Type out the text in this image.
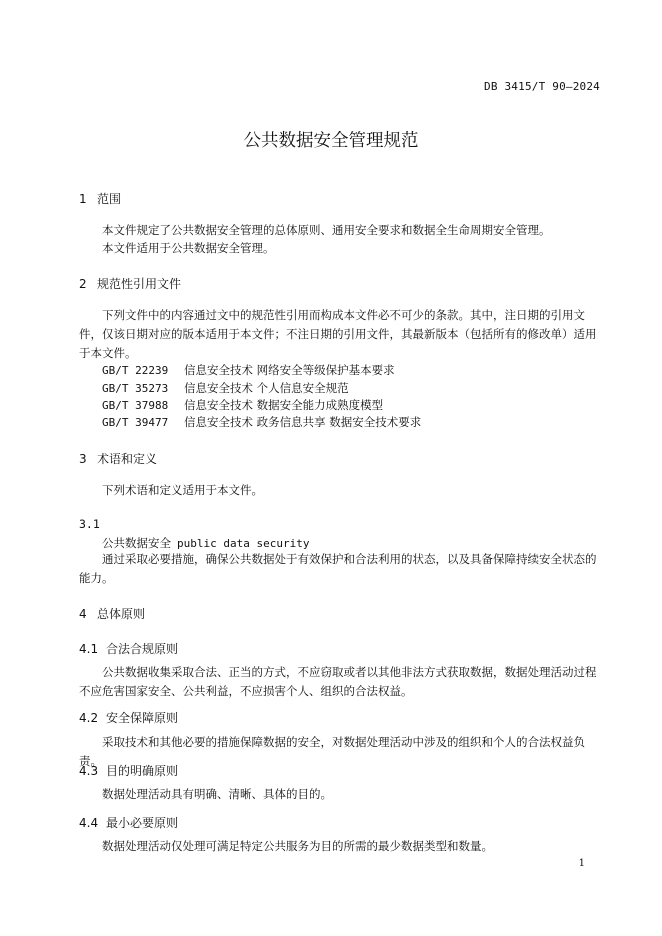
DB 3415/T 90—2024
公共数据安全管理规范
1 范围
本文件规定了公共数据安全管理的总体原则、通用安全要求和数据全生命周期安全管理。
本文件适用于公共数据安全管理。
2 规范性引用文件
下列文件中的内容通过文中的规范性引用而构成本文件必不可少的条款。其中，注日期的引用文件，仅该日期对应的版本适用于本文件；不注日期的引用文件，其最新版本（包括所有的修改单）适用于本文件。
GB/T 22239 信息安全技术 网络安全等级保护基本要求
GB/T 35273 信息安全技术 个人信息安全规范
GB/T 37988 信息安全技术 数据安全能力成熟度模型
GB/T 39477 信息安全技术 政务信息共享 数据安全技术要求
3 术语和定义
下列术语和定义适用于本文件。
3.1
公共数据安全 public data security
通过采取必要措施，确保公共数据处于有效保护和合法利用的状态，以及具备保障持续安全状态的能力。
4 总体原则
4.1 合法合规原则
公共数据收集采取合法、正当的方式，不应窃取或者以其他非法方式获取数据，数据处理活动过程不应危害国家安全、公共利益，不应损害个人、组织的合法权益。
4.2 安全保障原则
采取技术和其他必要的措施保障数据的安全，对数据处理活动中涉及的组织和个人的合法权益负责。
4.3 目的明确原则
数据处理活动具有明确、清晰、具体的目的。
4.4 最小必要原则
数据处理活动仅处理可满足特定公共服务为目的所需的最少数据类型和数量。
1
